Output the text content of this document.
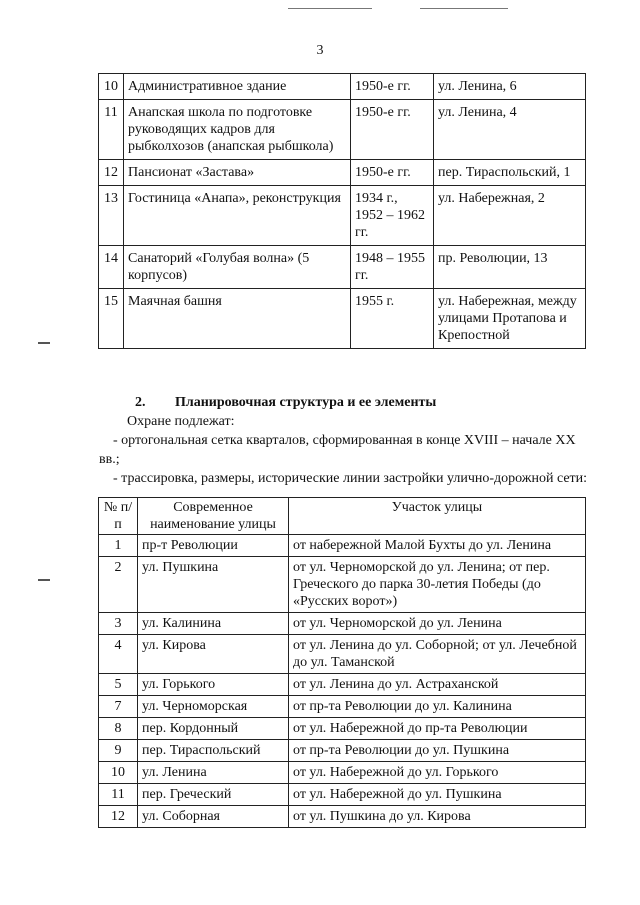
3
10	Административное здание	1950-е гг.	ул. Ленина, 6
11	Анапская школа по подготовке руководящих кадров для рыбколхозов (анапская рыбшкола)	1950-е гг.	ул. Ленина, 4
12	Пансионат «Застава»	1950-е гг.	пер. Тираспольский, 1
13	Гостиница «Анапа», реконструкция	1934 г., 1952 – 1962 гг.	ул. Набережная, 2
14	Санаторий «Голубая волна» (5 корпусов)	1948 – 1955 гг.	пр. Революции, 13
15	Маячная башня	1955 г.	ул. Набережная, между улицами Протапова и Крепостной
2. Планировочная структура и ее элементы

Охране подлежат:

- ортогональная сетка кварталов, сформированная в конце XVIII – начале XX вв.;

- трассировка, размеры, исторические линии застройки улично-дорожной сети:

№ п/п	Современное наименование улицы	Участок улицы
1	пр-т Революции	от набережной Малой Бухты до ул. Ленина
2	ул. Пушкина	от ул. Черноморской до ул. Ленина; от пер. Греческого до парка 30-летия Победы (до «Русских ворот»)
3	ул. Калинина	от ул. Черноморской до ул. Ленина
4	ул. Кирова	от ул. Ленина до ул. Соборной; от ул. Лечебной до ул. Таманской
5	ул. Горького	от ул. Ленина до ул. Астраханской
7	ул. Черноморская	от пр-та Революции до ул. Калинина
8	пер. Кордонный	от ул. Набережной до пр-та Революции
9	пер. Тираспольский	от пр-та Революции до ул. Пушкина
10	ул. Ленина	от ул. Набережной до ул. Горького
11	пер. Греческий	от ул. Набережной до ул. Пушкина
12	ул. Соборная	от ул. Пушкина до ул. Кирова
